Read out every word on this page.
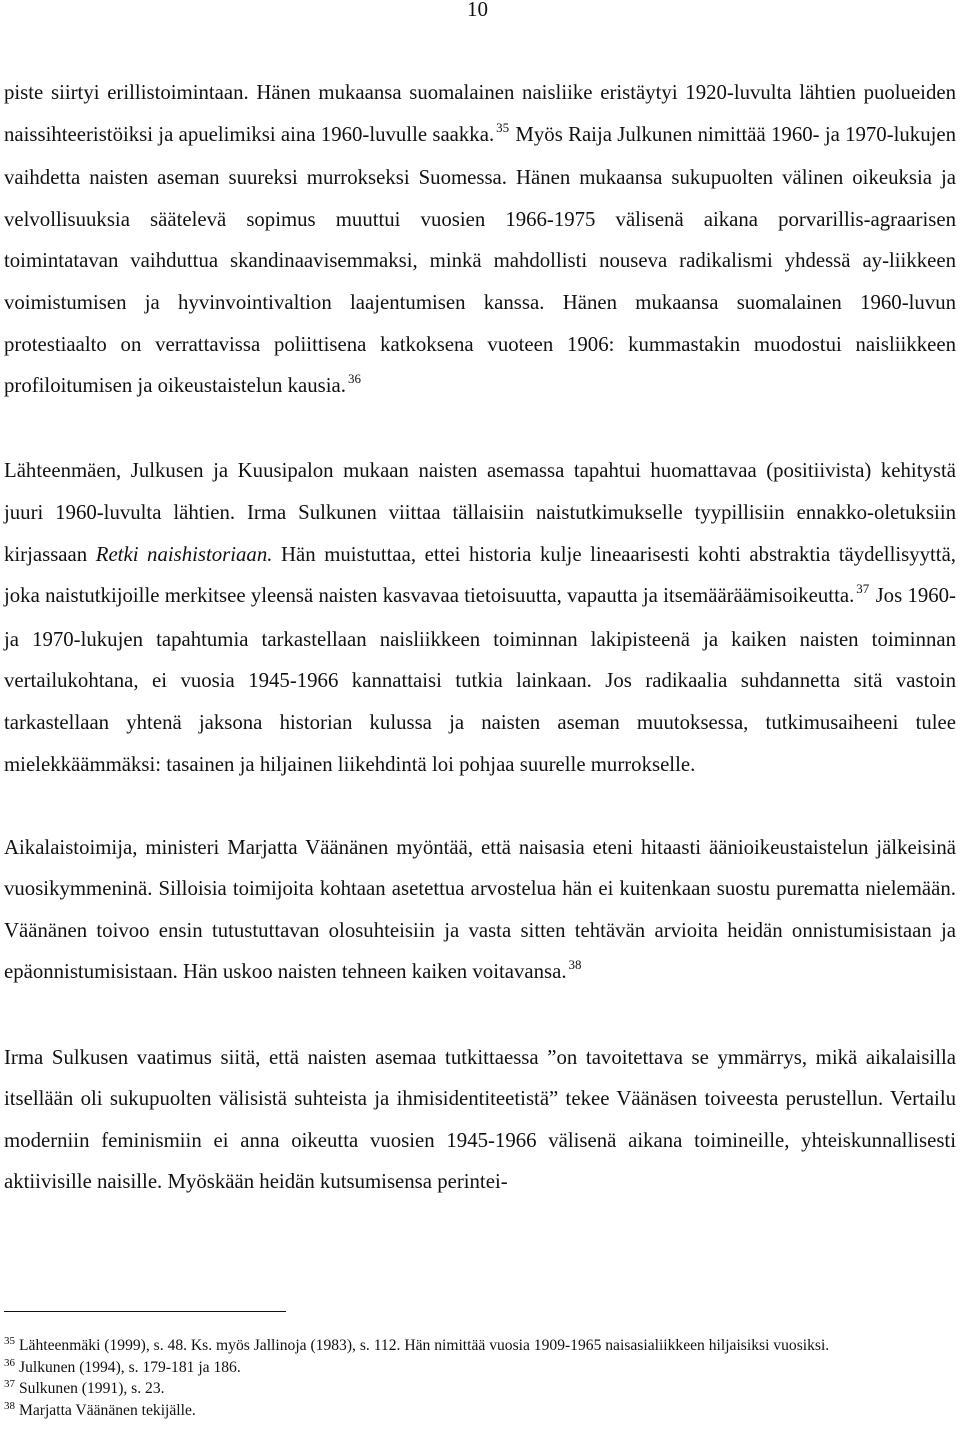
10

piste siirtyi erillistoimintaan. Hänen mukaansa suomalainen naisliike eristäytyi 1920-luvulta lähtien puolueiden naissihteeristöiksi ja apuelimiksi aina 1960-luvulle saakka. $^{35}$ Myös Raija Julkunen nimittää 1960- ja 1970-lukujen vaihdetta naisten aseman suureksi murrokseksi Suomessa. Hänen mukaansa sukupuolten välinen oikeuksia ja velvollisuuksia säätelevä sopimus muuttui vuosien 1966-1975 välisenä aikana porvarillis-agraarisen toimintatavan vaihduttua skandinaavisemmaksi, minkä mahdollisti nouseva radikalismi yhdessä ay-liikkeen voimistumisen ja hyvinvointivaltion laajentumisen kanssa. Hänen mukaansa suomalainen 1960-luvun protestiaalto on verrattavissa poliittisena katkoksena vuoteen 1906: kummastakin muodostui naisliikkeen profiloitumisen ja oikeustaistelun kausia. $^{36}$

Lähteenmäen, Julkusen ja Kuusipalon mukaan naisten asemassa tapahtui huomattavaa (positiivista) kehitystä juuri 1960-luvulta lähtien. Irma Sulkunen viittaa tällaisiin naistutkimukselle tyypillisiin ennakko-oletuksiin kirjassaan Retki naishistoriaan. Hän muistuttaa, ettei historia kulje lineaarisesti kohti abstraktia täydellisyyttä, joka naistutkijoille merkitsee yleensä naisten kasvavaa tietoisuutta, vapautta ja itsemääräämisoikeutta. $^{37}$ Jos 1960- ja 1970-lukujen tapahtumia tarkastellaan naisliikkeen toiminnan lakipisteenä ja kaiken naisten toiminnan vertailukohtana, ei vuosia 1945-1966 kannattaisi tutkia lainkaan. Jos radikaalia suhdannetta sitä vastoin tarkastellaan yhtenä jaksona historian kulussa ja naisten aseman muutoksessa, tutkimusaiheeni tulee mielekkäämmäksi: tasainen ja hiljainen liikehdintä loi pohjaa suurelle murrokselle.

Aikalaistoimija, ministeri Marjatta Väänänen myöntää, että naisasia eteni hitaasti äänioikeustaistelun jälkeisinä vuosikymmeninä. Silloisia toimijoita kohtaan asetettua arvostelua hän ei kuitenkaan suostu purematta nielemään. Väänänen toivoo ensin tutustuttavan olosuhteisiin ja vasta sitten tehtävän arvioita heidän onnistumisistaan ja epäonnistumisistaan. Hän uskoo naisten tehneen kaiken voitavansa. $^{38}$

Irma Sulkusen vaatimus siitä, että naisten asemaa tutkittaessa ”on tavoitettava se ymmärrys, mikä aikalaisilla itsellään oli sukupuolten välisistä suhteista ja ihmisidentiteetistä” tekee Väänäsen toiveesta perustellun. Vertailu moderniin feminismiin ei anna oikeutta vuosien 1945-1966 välisenä aikana toimineille, yhteiskunnallisesti aktiivisille naisille. Myöskään heidän kutsumisensa perintei-

$^{35}$ Lähteenmäki (1999), s. 48. Ks. myös Jallinoja (1983), s. 112. Hän nimittää vuosia 1909-1965 naisasialiikkeen hiljaisiksi vuosiksi.

$^{36}$ Julkunen (1994), s. 179-181 ja 186.

$^{37}$ Sulkunen (1991), s. 23.

$^{38}$ Marjatta Väänänen tekijälle.
